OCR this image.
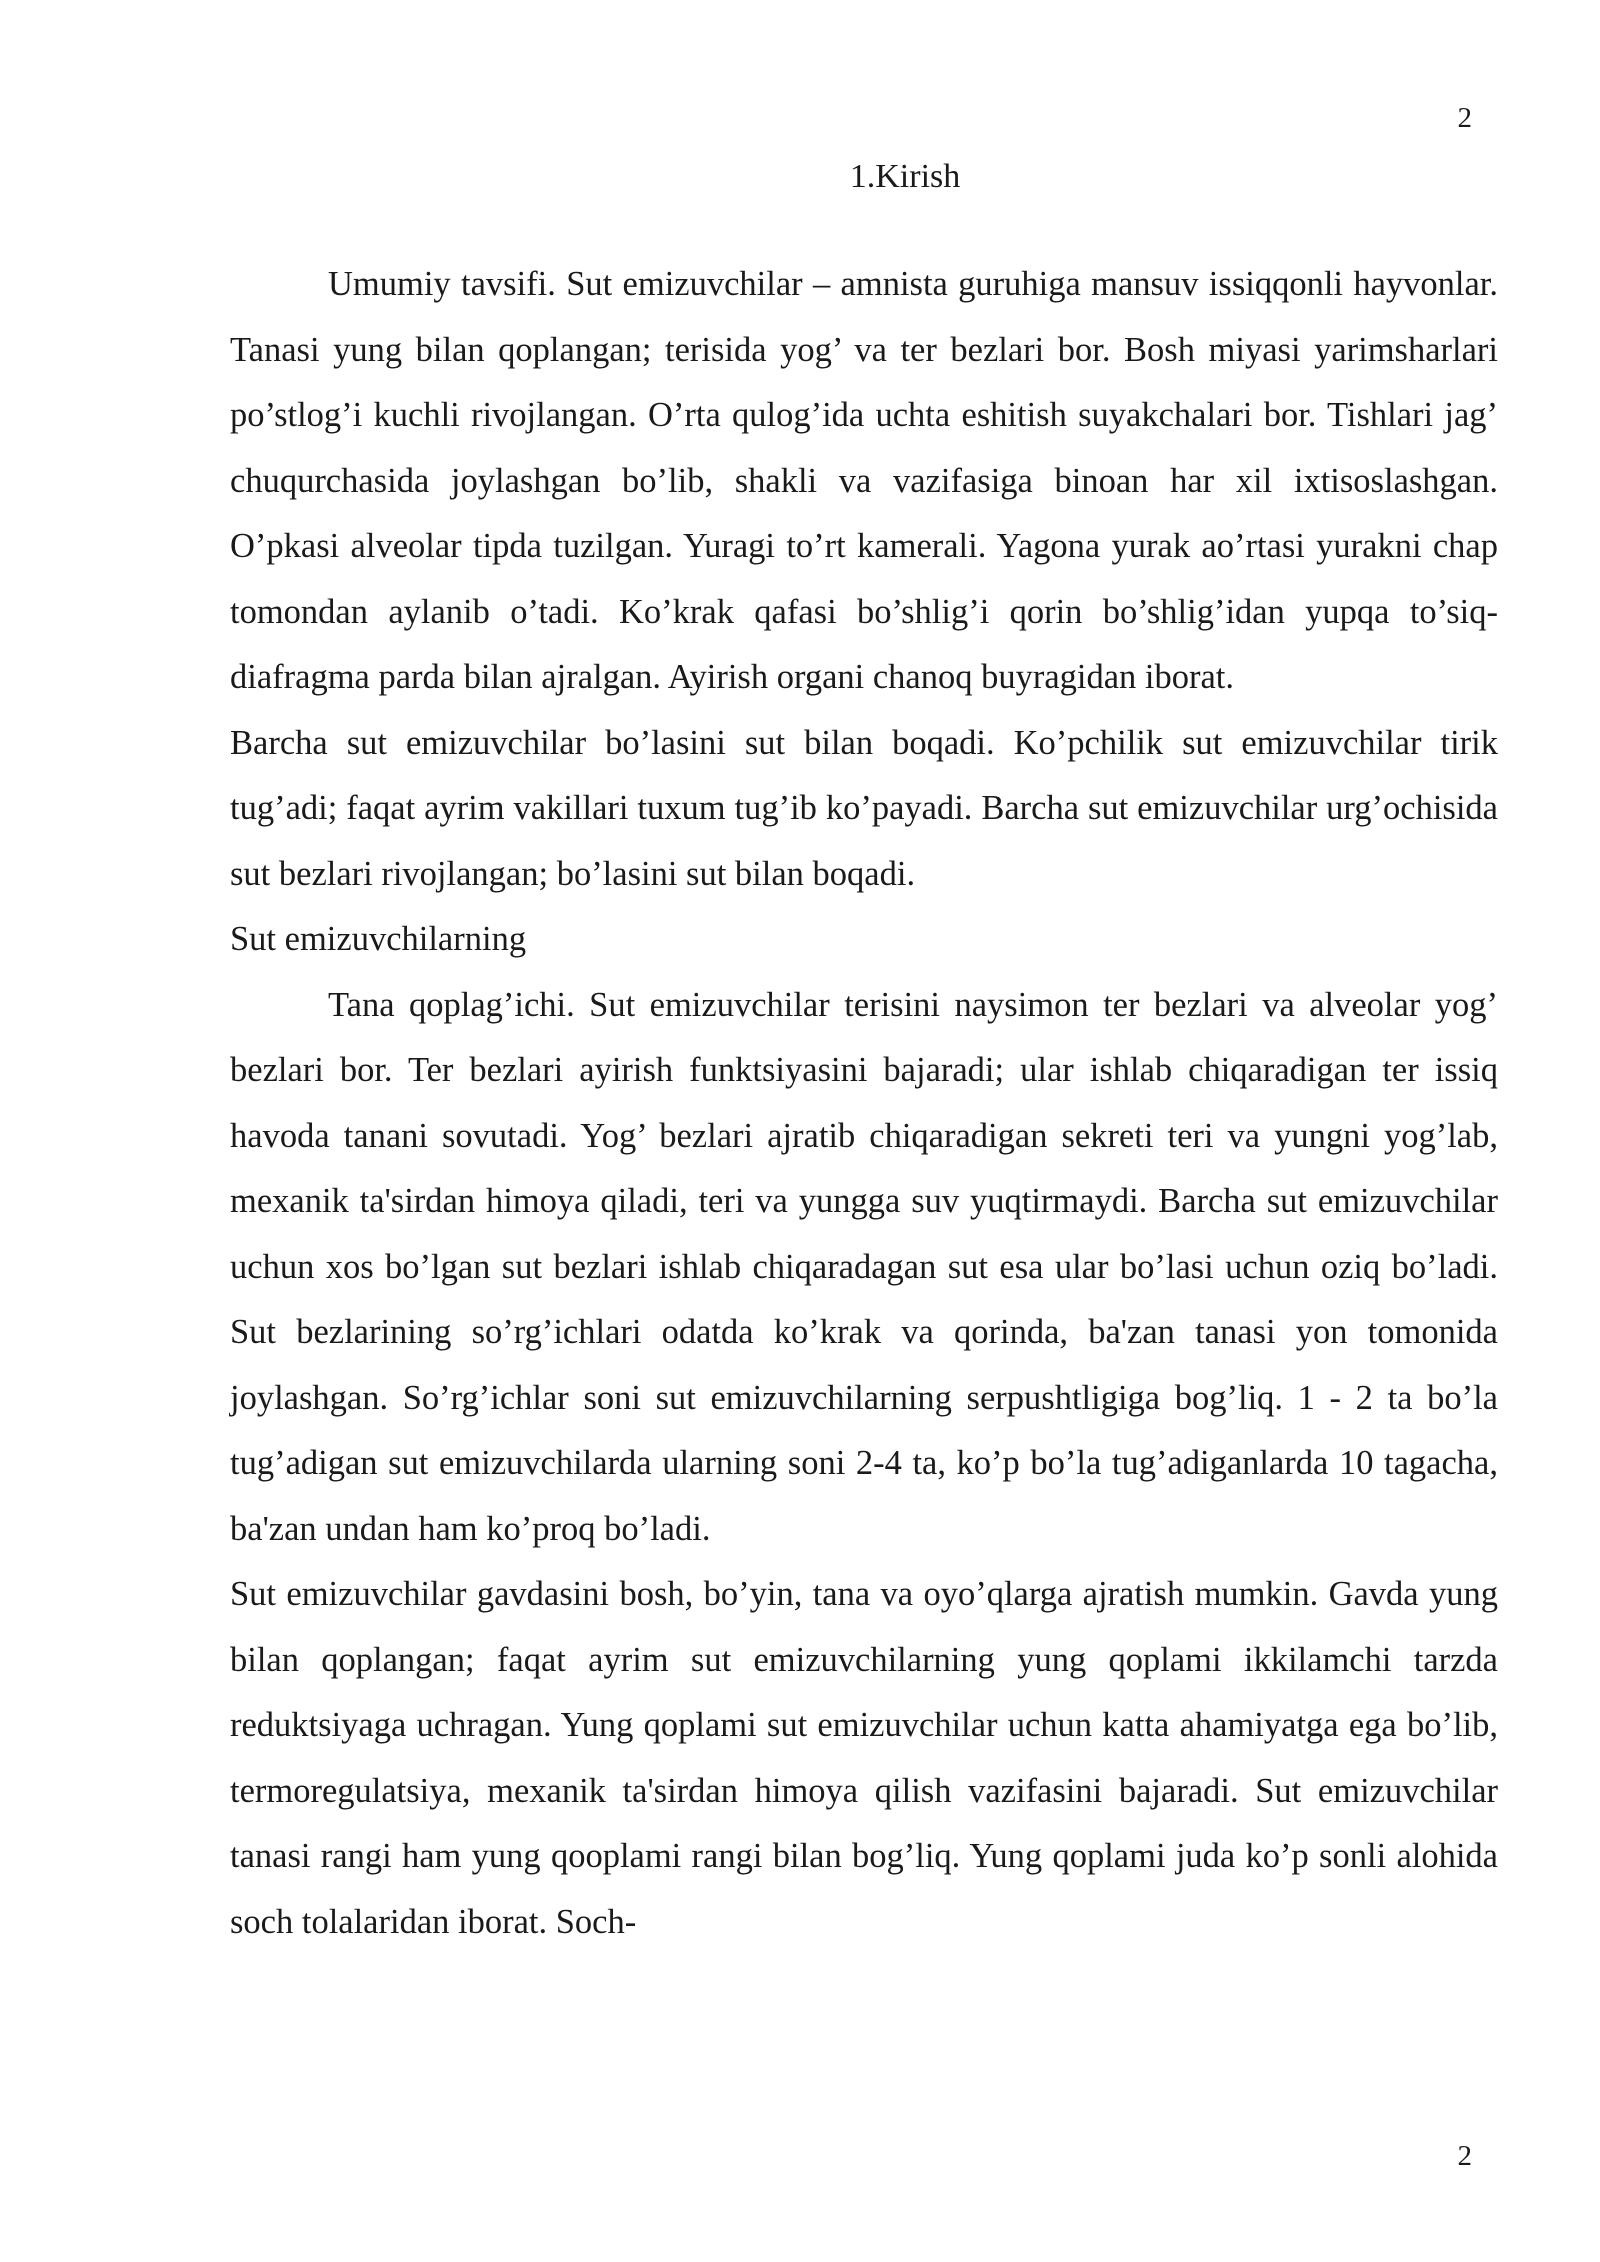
2
1.Kirish

Umumiy tavsifi. Sut emizuvchilar – amnista guruhiga mansuv issiqqonli hayvonlar. Tanasi yung bilan qoplangan; terisida yog’ va ter bezlari bor. Bosh miyasi yarimsharlari po’stlog’i kuchli rivojlangan. O’rta qulog’ida uchta eshitish suyakchalari bor. Tishlari jag’ chuqurchasida joylashgan bo’lib, shakli va vazifasiga binoan har xil ixtisoslashgan. O’pkasi alveolar tipda tuzilgan. Yuragi to’rt kamerali. Yagona yurak ao’rtasi yurakni chap tomondan aylanib o’tadi. Ko’krak qafasi bo’shlig’i qorin bo’shlig’idan yupqa to’siq-diafragma parda bilan ajralgan. Ayirish organi chanoq buyragidan iborat.

Barcha sut emizuvchilar bo’lasini sut bilan boqadi. Ko’pchilik sut emizuvchilar tirik tug’adi; faqat ayrim vakillari tuxum tug’ib ko’payadi. Barcha sut emizuvchilar urg’ochisida sut bezlari rivojlangan; bo’lasini sut bilan boqadi.

Sut emizuvchilarning

Tana qoplag’ichi. Sut emizuvchilar terisini naysimon ter bezlari va alveolar yog’ bezlari bor. Ter bezlari ayirish funktsiyasini bajaradi; ular ishlab chiqaradigan ter issiq havoda tanani sovutadi. Yog’ bezlari ajratib chiqaradigan sekreti teri va yungni yog’lab, mexanik ta'sirdan himoya qiladi, teri va yungga suv yuqtirmaydi. Barcha sut emizuvchilar uchun xos bo’lgan sut bezlari ishlab chiqaradagan sut esa ular bo’lasi uchun oziq bo’ladi. Sut bezlarining so’rg’ichlari odatda ko’krak va qorinda, ba'zan tanasi yon tomonida joylashgan. So’rg’ichlar soni sut emizuvchilarning serpushtligiga bog’liq. 1 - 2 ta bo’la tug’adigan sut emizuvchilarda ularning soni 2-4 ta, ko’p bo’la tug’adiganlarda 10 tagacha, ba'zan undan ham ko’proq bo’ladi.

Sut emizuvchilar gavdasini bosh, bo’yin, tana va oyo’qlarga ajratish mumkin. Gavda yung bilan qoplangan; faqat ayrim sut emizuvchilarning yung qoplami ikkilamchi tarzda reduktsiyaga uchragan. Yung qoplami sut emizuvchilar uchun katta ahamiyatga ega bo’lib, termoregulatsiya, mexanik ta'sirdan himoya qilish vazifasini bajaradi. Sut emizuvchilar tanasi rangi ham yung qooplami rangi bilan bog’liq. Yung qoplami juda ko’p sonli alohida soch tolalaridan iborat. Soch-

2
